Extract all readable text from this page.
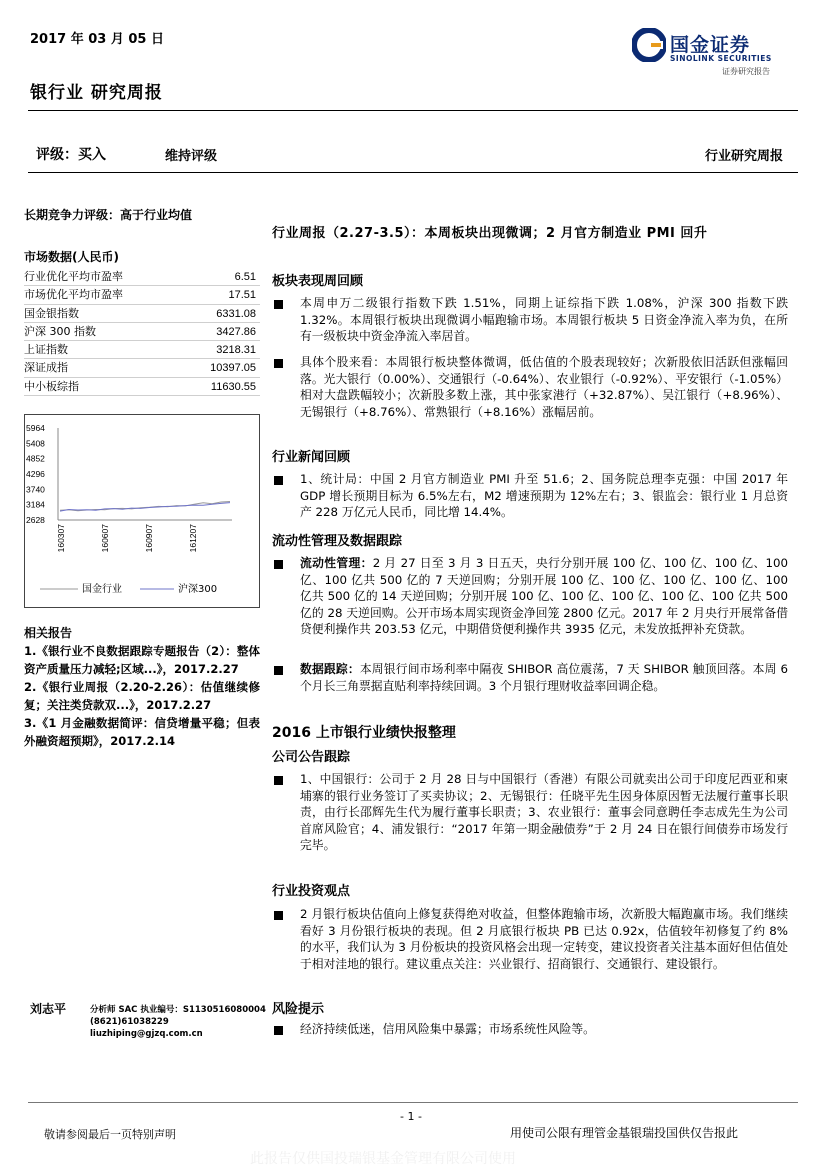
2017 年 03 月 05 日
银行业 研究周报
国金证券
SINOLINK SECURITIES
证券研究报告
评级：买入	维持评级	行业研究周报
长期竞争力评级：高于行业均值
市场数据(人民币)
行业优化平均市盈率	6.51
市场优化平均市盈率	17.51
国金银指数	6331.08
沪深 300 指数	3427.86
上证指数	3218.31
深证成指	10397.05
中小板综指	11630.55
5964
5408
4852
4296
3740
3184
2628
160307	160607	160907	161207
国金行业	沪深300
相关报告
1.《银行业不良数据跟踪专题报告（2）：整体资产质量压力减轻;区域...》，2017.2.27
2.《银行业周报（2.20-2.26）：估值继续修复；关注类贷款双...》，2017.2.27
3.《1 月金融数据简评：信贷增量平稳；但表外融资超预期》，2017.2.14
刘志平	分析师 SAC 执业编号：S1130516080004
(8621)61038229
liuzhiping@gjzq.com.cn
行业周报（2.27-3.5）：本周板块出现微调；2 月官方制造业 PMI 回升
板块表现周回顾
本周申万二级银行指数下跌 1.51%，同期上证综指下跌 1.08%，沪深 300 指数下跌 1.32%。本周银行板块出现微调小幅跑输市场。本周银行板块 5 日资金净流入率为负，在所有一级板块中资金净流入率居首。
具体个股来看：本周银行板块整体微调，低估值的个股表现较好；次新股依旧活跃但涨幅回落。光大银行（0.00%）、交通银行（-0.64%）、农业银行（-0.92%）、平安银行（-1.05%）相对大盘跌幅较小；次新股多数上涨，其中张家港行（+32.87%）、吴江银行（+8.96%）、无锡银行（+8.76%）、常熟银行（+8.16%）涨幅居前。
行业新闻回顾
1、统计局：中国 2 月官方制造业 PMI 升至 51.6；2、国务院总理李克强：中国 2017 年 GDP 增长预期目标为 6.5%左右，M2 增速预期为 12%左右；3、银监会：银行业 1 月总资产 228 万亿元人民币，同比增 14.4%。
流动性管理及数据跟踪
流动性管理：2 月 27 日至 3 月 3 日五天，央行分别开展 100 亿、100 亿、100 亿、100 亿、100 亿共 500 亿的 7 天逆回购；分别开展 100 亿、100 亿、100 亿、100 亿、100 亿共 500 亿的 14 天逆回购；分别开展 100 亿、100 亿、100 亿、100 亿、100 亿共 500 亿的 28 天逆回购。公开市场本周实现资金净回笼 2800 亿元。2017 年 2 月央行开展常备借贷便利操作共 203.53 亿元，中期借贷便利操作共 3935 亿元，未发放抵押补充贷款。
数据跟踪：本周银行间市场利率中隔夜 SHIBOR 高位震荡，7 天 SHIBOR 触顶回落。本周 6 个月长三角票据直贴利率持续回调。3 个月银行理财收益率回调企稳。
2016 上市银行业绩快报整理
公司公告跟踪
1、中国银行：公司于 2 月 28 日与中国银行（香港）有限公司就卖出公司于印度尼西亚和柬埔寨的银行业务签订了买卖协议；2、无锡银行：任晓平先生因身体原因暂无法履行董事长职责，由行长邵辉先生代为履行董事长职责；3、农业银行：董事会同意聘任李志成先生为公司首席风险官；4、浦发银行：“2017 年第一期金融债券”于 2 月 24 日在银行间债券市场发行完毕。
行业投资观点
2 月银行板块估值向上修复获得绝对收益，但整体跑输市场，次新股大幅跑赢市场。我们继续看好 3 月份银行板块的表现。但 2 月底银行板块 PB 已达 0.92x，估值较年初修复了约 8%的水平，我们认为 3 月份板块的投资风格会出现一定转变，建议投资者关注基本面好但估值处于相对洼地的银行。建议重点关注：兴业银行、招商银行、交通银行、建设银行。
风险提示
经济持续低迷，信用风险集中暴露；市场系统性风险等。
- 1 -
敬请参阅最后一页特别声明	用使司公限有理管金基银瑞投国供仅告报此
此报告仅供国投瑞银基金管理有限公司使用
